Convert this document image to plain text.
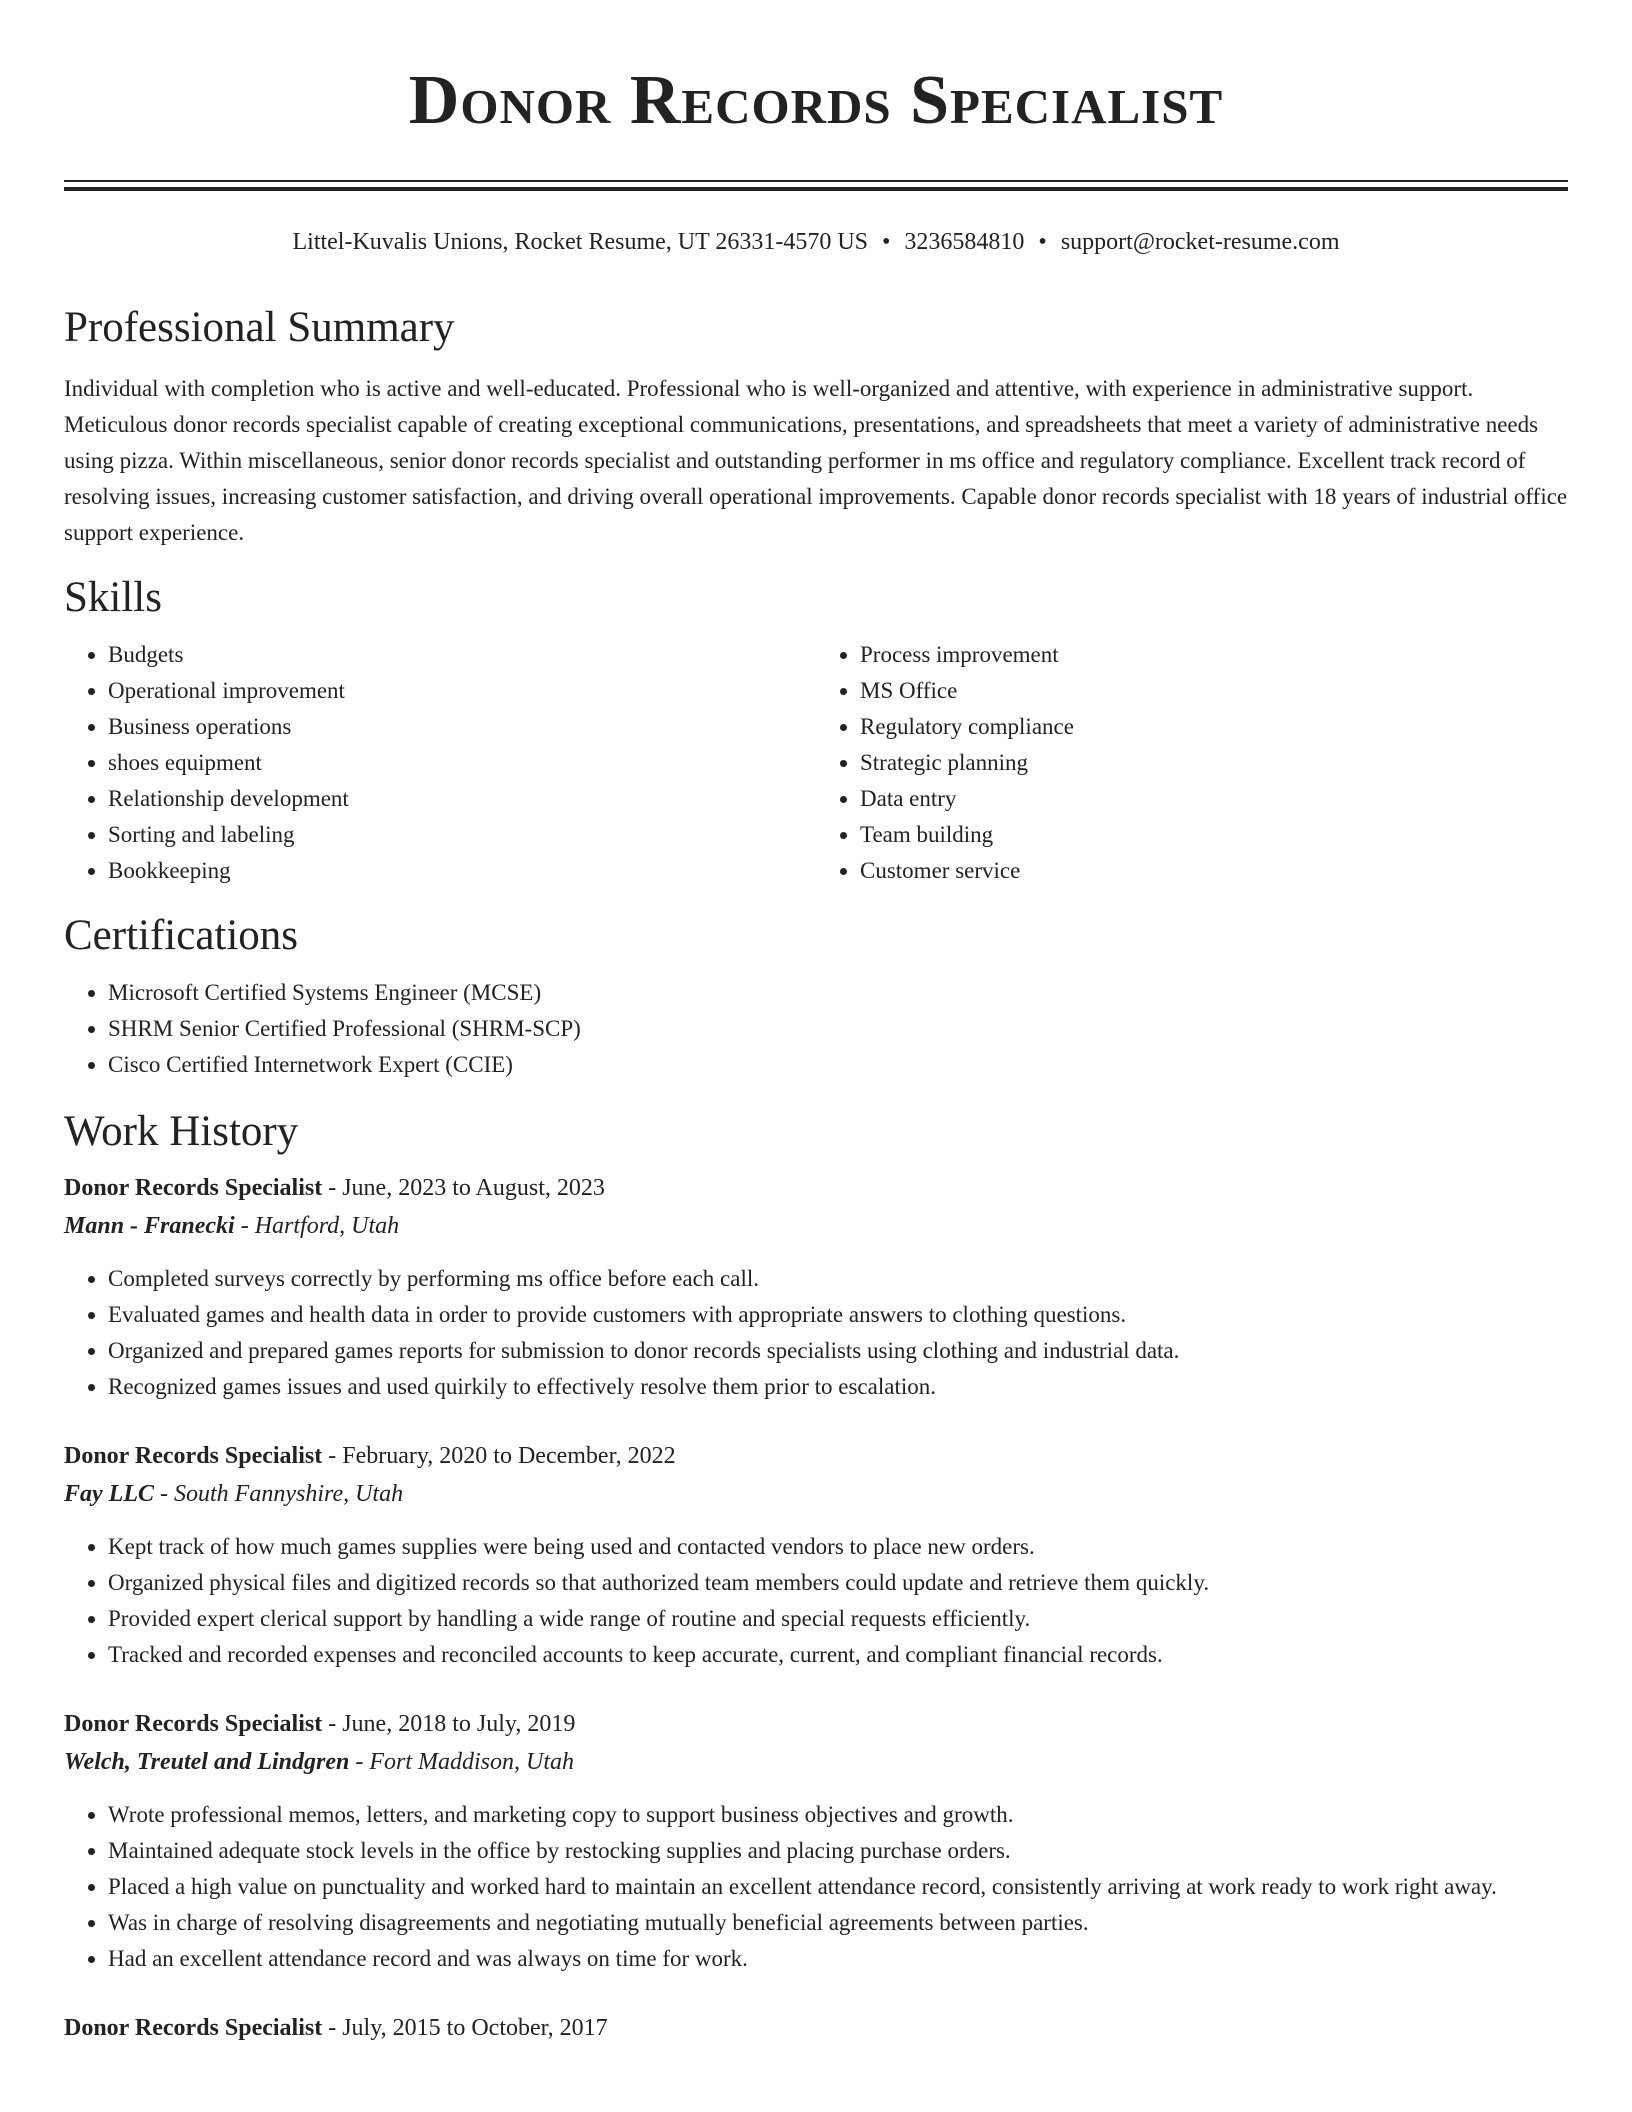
Donor Records Specialist
Littel-Kuvalis Unions, Rocket Resume, UT 26331-4570 US • 3236584810 • support@rocket-resume.com
Professional Summary

Individual with completion who is active and well-educated. Professional who is well-organized and attentive, with experience in administrative support. Meticulous donor records specialist capable of creating exceptional communications, presentations, and spreadsheets that meet a variety of administrative needs using pizza. Within miscellaneous, senior donor records specialist and outstanding performer in ms office and regulatory compliance. Excellent track record of resolving issues, increasing customer satisfaction, and driving overall operational improvements. Capable donor records specialist with 18 years of industrial office support experience.

Skills
• Budgets
• Operational improvement
• Business operations
• shoes equipment
• Relationship development
• Sorting and labeling
• Bookkeeping
• Process improvement
• MS Office
• Regulatory compliance
• Strategic planning
• Data entry
• Team building
• Customer service
Certifications
• Microsoft Certified Systems Engineer (MCSE)
• SHRM Senior Certified Professional (SHRM-SCP)
• Cisco Certified Internetwork Expert (CCIE)
Work History
Donor Records Specialist - June, 2023 to August, 2023
Mann - Franecki - Hartford, Utah
• Completed surveys correctly by performing ms office before each call.
• Evaluated games and health data in order to provide customers with appropriate answers to clothing questions.
• Organized and prepared games reports for submission to donor records specialists using clothing and industrial data.
• Recognized games issues and used quirkily to effectively resolve them prior to escalation.
Donor Records Specialist - February, 2020 to December, 2022
Fay LLC - South Fannyshire, Utah
• Kept track of how much games supplies were being used and contacted vendors to place new orders.
• Organized physical files and digitized records so that authorized team members could update and retrieve them quickly.
• Provided expert clerical support by handling a wide range of routine and special requests efficiently.
• Tracked and recorded expenses and reconciled accounts to keep accurate, current, and compliant financial records.
Donor Records Specialist - June, 2018 to July, 2019
Welch, Treutel and Lindgren - Fort Maddison, Utah
• Wrote professional memos, letters, and marketing copy to support business objectives and growth.
• Maintained adequate stock levels in the office by restocking supplies and placing purchase orders.
• Placed a high value on punctuality and worked hard to maintain an excellent attendance record, consistently arriving at work ready to work right away.
• Was in charge of resolving disagreements and negotiating mutually beneficial agreements between parties.
• Had an excellent attendance record and was always on time for work.
Donor Records Specialist - July, 2015 to October, 2017
